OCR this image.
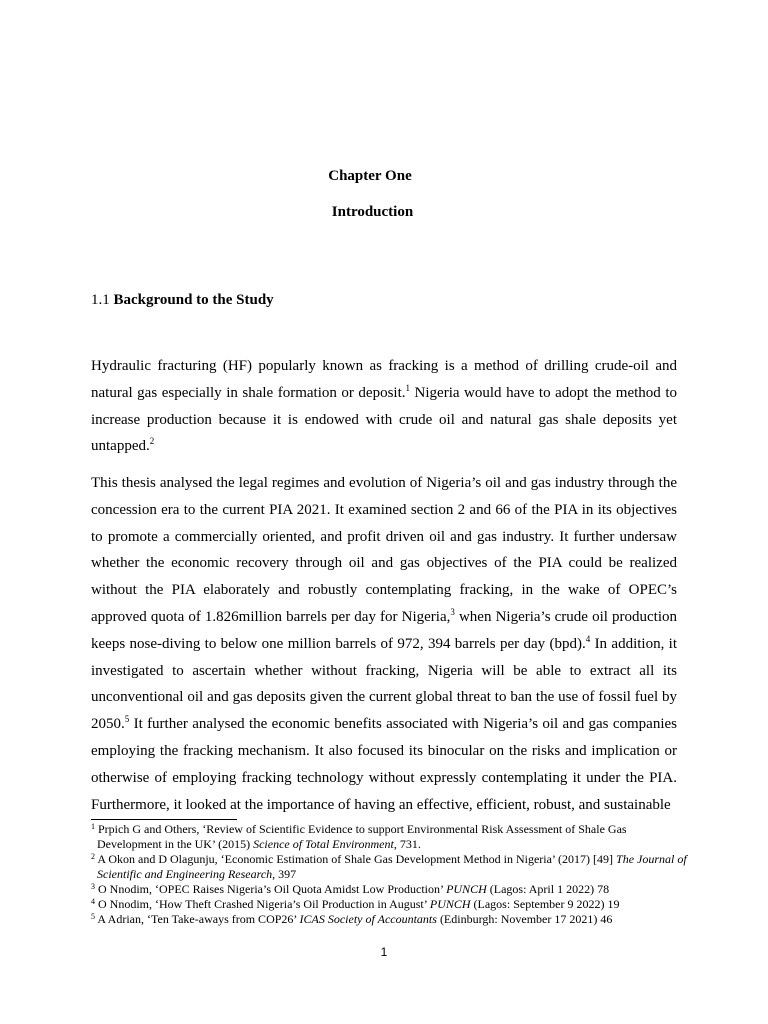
Chapter One
Introduction
1.1 Background to the Study

Hydraulic fracturing (HF) popularly known as fracking is a method of drilling crude-oil and natural gas especially in shale formation or deposit.$^1$ Nigeria would have to adopt the method to increase production because it is endowed with crude oil and natural gas shale deposits yet untapped.$^2$

This thesis analysed the legal regimes and evolution of Nigeria’s oil and gas industry through the concession era to the current PIA 2021. It examined section 2 and 66 of the PIA in its objectives to promote a commercially oriented, and profit driven oil and gas industry. It further undersaw whether the economic recovery through oil and gas objectives of the PIA could be realized without the PIA elaborately and robustly contemplating fracking, in the wake of OPEC’s approved quota of 1.826million barrels per day for Nigeria,$^3$ when Nigeria’s crude oil production keeps nose-diving to below one million barrels of 972, 394 barrels per day (bpd).$^4$ In addition, it investigated to ascertain whether without fracking, Nigeria will be able to extract all its unconventional oil and gas deposits given the current global threat to ban the use of fossil fuel by 2050.$^5$ It further analysed the economic benefits associated with Nigeria’s oil and gas companies employing the fracking mechanism. It also focused its binocular on the risks and implication or otherwise of employing fracking technology without expressly contemplating it under the PIA. Furthermore, it looked at the importance of having an effective, efficient, robust, and sustainable

$^1$ Prpich G and Others, ‘Review of Scientific Evidence to support Environmental Risk Assessment of Shale Gas Development in the UK’ (2015) Science of Total Environment, 731.

$^2$ A Okon and D Olagunju, ‘Economic Estimation of Shale Gas Development Method in Nigeria’ (2017) [49] The Journal of Scientific and Engineering Research, 397

$^3$ O Nnodim, ‘OPEC Raises Nigeria’s Oil Quota Amidst Low Production’ PUNCH (Lagos: April 1 2022) 78

$^4$ O Nnodim, ‘How Theft Crashed Nigeria’s Oil Production in August’ PUNCH (Lagos: September 9 2022) 19

$^5$ A Adrian, ‘Ten Take-aways from COP26’ ICAS Society of Accountants (Edinburgh: November 17 2021) 46

1
